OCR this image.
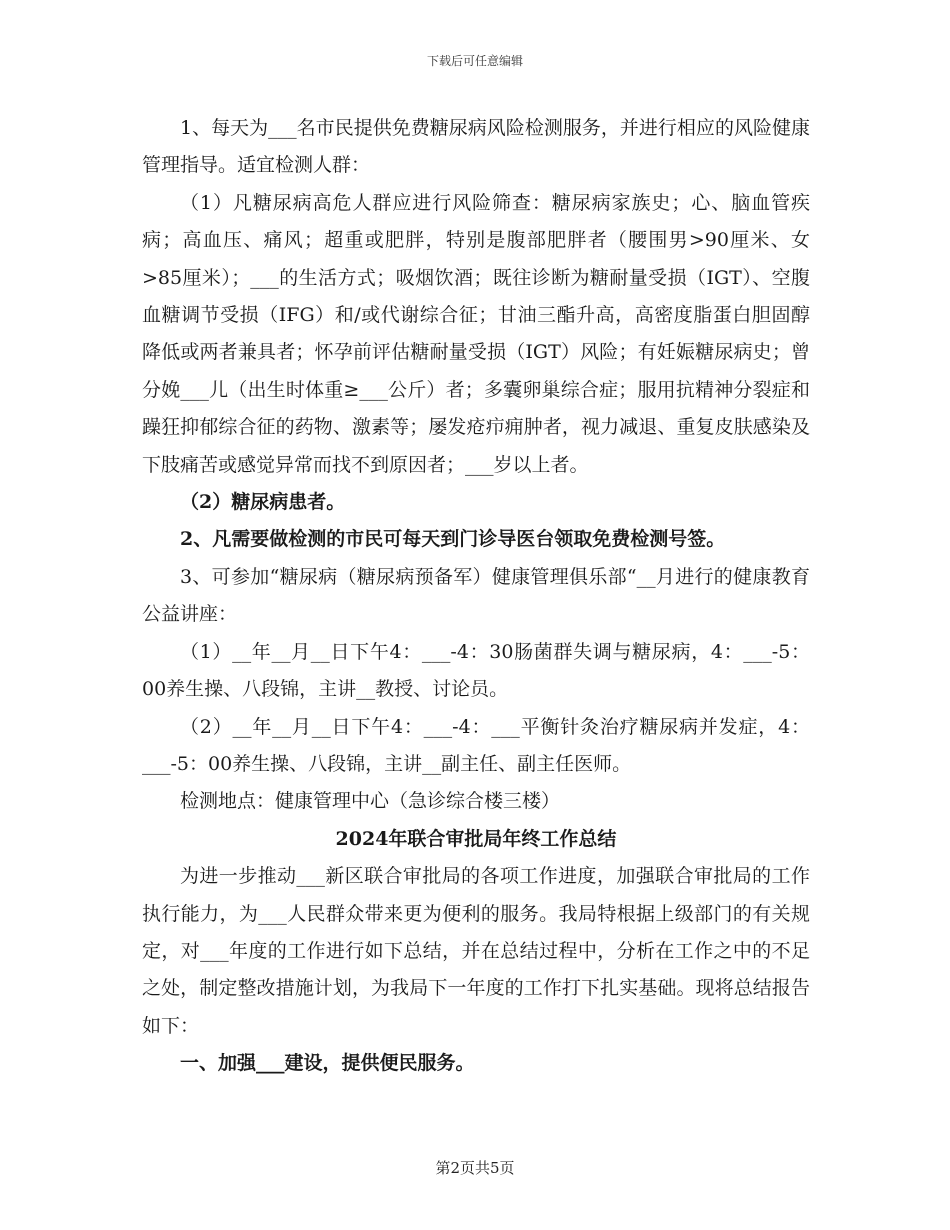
下载后可任意编辑

1、每天为___名市民提供免费糖尿病风险检测服务，并进行相应的风险健康管理指导。适宜检测人群：

（1）凡糖尿病高危人群应进行风险筛查：糖尿病家族史；心、脑血管疾病；高血压、痛风；超重或肥胖，特别是腹部肥胖者（腰围男>90厘米、女>85厘米）；___的生活方式；吸烟饮酒；既往诊断为糖耐量受损（IGT）、空腹血糖调节受损（IFG）和/或代谢综合征；甘油三酯升高，高密度脂蛋白胆固醇降低或两者兼具者；怀孕前评估糖耐量受损（IGT）风险；有妊娠糖尿病史；曾分娩___儿（出生时体重≥___公斤）者；多囊卵巢综合症；服用抗精神分裂症和躁狂抑郁综合征的药物、激素等；屡发疮疖痈肿者，视力减退、重复皮肤感染及下肢痛苦或感觉异常而找不到原因者；___岁以上者。

（2）糖尿病患者。

2、凡需要做检测的市民可每天到门诊导医台领取免费检测号签。

3、可参加“糖尿病（糖尿病预备军）健康管理俱乐部“__月进行的健康教育公益讲座：

（1）__年__月__日下午4：___-4：30肠菌群失调与糖尿病，4：___-5：00养生操、八段锦，主讲__教授、讨论员。

（2）__年__月__日下午4：___-4：___平衡针灸治疗糖尿病并发症，4：___-5：00养生操、八段锦，主讲__副主任、副主任医师。

检测地点：健康管理中心（急诊综合楼三楼）

2024年联合审批局年终工作总结

为进一步推动___新区联合审批局的各项工作进度，加强联合审批局的工作执行能力，为___人民群众带来更为便利的服务。我局特根据上级部门的有关规定，对___年度的工作进行如下总结，并在总结过程中，分析在工作之中的不足之处，制定整改措施计划，为我局下一年度的工作打下扎实基础。现将总结报告如下：

一、加强___建设，提供便民服务。

第2页共5页
